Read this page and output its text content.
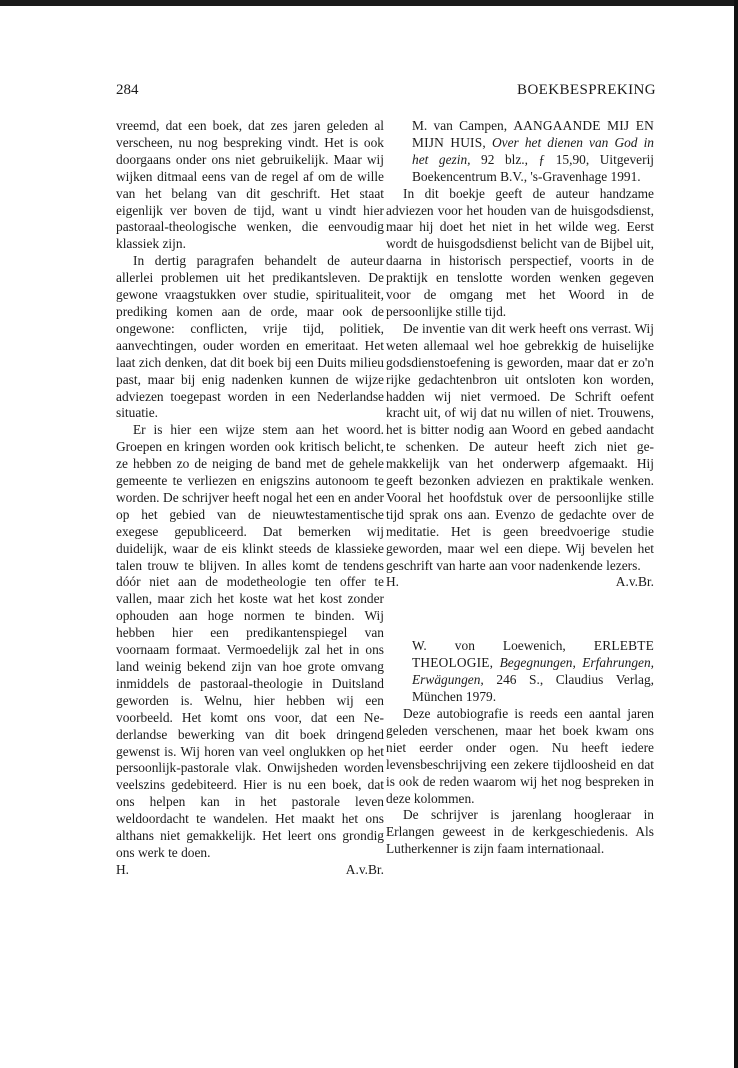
284	BOEKBESPREKING

vreemd, dat een boek, dat zes jaren geleden al verscheen, nu nog bespreking vindt. Het is ook doorgaans onder ons niet gebruikelijk. Maar wij wijken ditmaal eens van de regel af om de wille van het belang van dit geschrift. Het staat eigenlijk ver boven de tijd, want u vindt hier pastoraal-theologische wenken, die eenvoudig klassiek zijn.

In dertig paragrafen behandelt de auteur allerlei problemen uit het predikantsleven. De gewone vraagstukken over studie, spiritualiteit, prediking komen aan de orde, maar ook de ongewone: conflicten, vrije tijd, politiek, aanvechtingen, ouder worden en emeritaat. Het laat zich denken, dat dit boek bij een Duits milieu past, maar bij enig nadenken kunnen de wijze adviezen toegepast worden in een Nederlandse situatie.

Er is hier een wijze stem aan het woord. Groepen en kringen worden ook kritisch belicht, ze hebben zo de neiging de band met de gehele gemeente te verliezen en enigszins autonoom te worden. De schrijver heeft nogal het een en ander op het gebied van de nieuwtestamentische exegese gepubliceerd. Dat bemerken wij duidelijk, waar de eis klinkt steeds de klassieke talen trouw te blijven. In alles komt de tendens dóór niet aan de modetheologie ten offer te vallen, maar zich het koste wat het kost zonder ophouden aan hoge normen te binden. Wij hebben hier een predikantenspiegel van voornaam formaat. Vermoedelijk zal het in ons land weinig bekend zijn van hoe grote omvang inmiddels de pastoraal-theologie in Duitsland geworden is. Welnu, hier hebben wij een voorbeeld. Het komt ons voor, dat een Nederlandse bewerking van dit boek dringend gewenst is. Wij horen van veel onglukken op het persoonlijk-pastorale vlak. Onwijsheden worden veelszins gedebiteerd. Hier is nu een boek, dat ons helpen kan in het pastorale leven weldoordacht te wandelen. Het maakt het ons althans niet gemakkelijk. Het leert ons grondig ons werk te doen.

H.	A.v.Br.
M. van Campen, AANGAANDE MIJ EN MIJN HUIS, Over het dienen van God in het gezin, 92 blz., ƒ 15,90, Uitgeverij Boekencentrum B.V., 's-Gravenhage 1991.

In dit boekje geeft de auteur handzame adviezen voor het houden van de huisgodsdienst, maar hij doet het niet in het wilde weg. Eerst wordt de huisgodsdienst belicht van de Bijbel uit, daarna in historisch perspectief, voorts in de praktijk en tenslotte worden wenken gegeven voor de omgang met het Woord in de persoonlijke stille tijd.

De inventie van dit werk heeft ons verrast. Wij weten allemaal wel hoe gebrekkig de huiselijke godsdienstoefening is geworden, maar dat er zo'n rijke gedachtenbron uit ontsloten kon worden, hadden wij niet vermoed. De Schrift oefent kracht uit, of wij dat nu willen of niet. Trouwens, het is bitter nodig aan Woord en gebed aandacht te schenken. De auteur heeft zich niet gemakkelijk van het onderwerp afgemaakt. Hij geeft bezonken adviezen en praktikale wenken. Vooral het hoofdstuk over de persoonlijke stille tijd sprak ons aan. Evenzo de gedachte over de meditatie. Het is geen breedvoerige studie geworden, maar wel een diepe. Wij bevelen het geschrift van harte aan voor nadenkende lezers.

H.	A.v.Br.
W. von Loewenich, ERLEBTE THEOLOGIE, Begegnungen, Erfahrungen, Erwägungen, 246 S., Claudius Verlag, München 1979.

Deze autobiografie is reeds een aantal jaren geleden verschenen, maar het boek kwam ons niet eerder onder ogen. Nu heeft iedere levensbeschrijving een zekere tijdloosheid en dat is ook de reden waarom wij het nog bespreken in deze kolommen.

De schrijver is jarenlang hoogleraar in Erlangen geweest in de kerkgeschiedenis. Als Lutherkenner is zijn faam internationaal.
